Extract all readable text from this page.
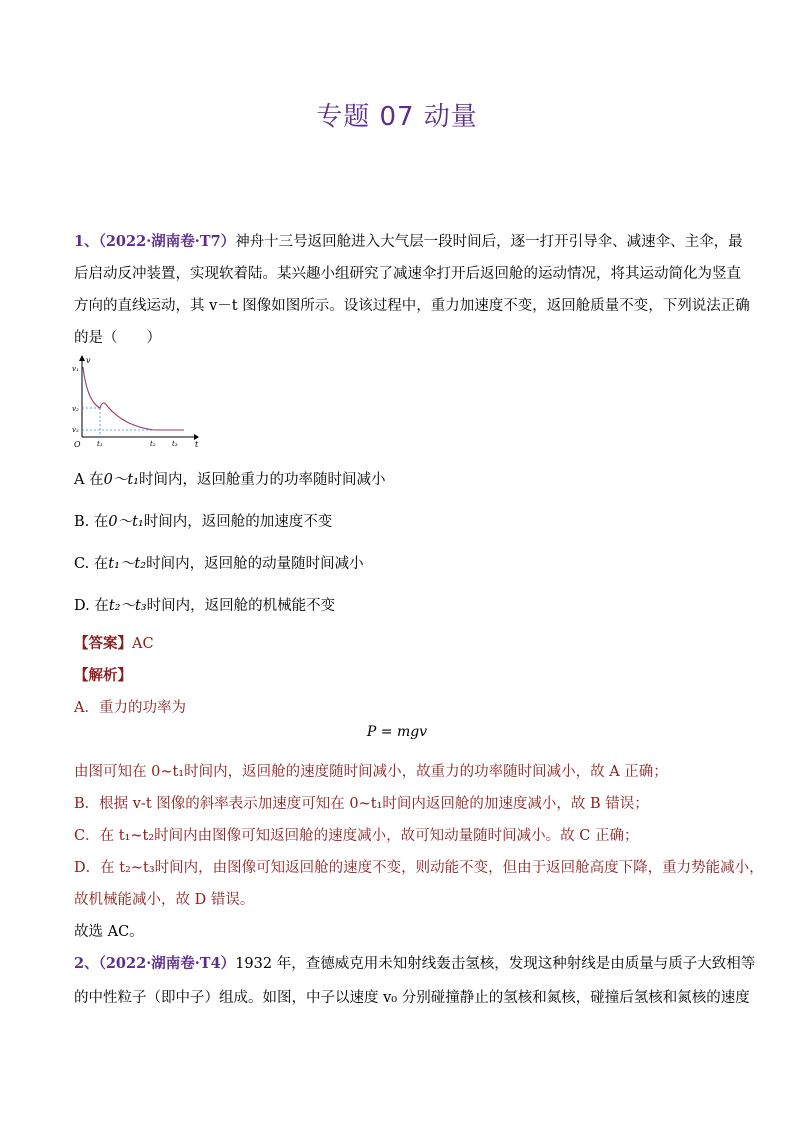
专题 07 动量
1、（2022·湖南卷·T7）神舟十三号返回舱进入大气层一段时间后，逐一打开引导伞、减速伞、主伞，最
后启动反冲装置，实现软着陆。某兴趣小组研究了减速伞打开后返回舱的运动情况，将其运动简化为竖直
方向的直线运动，其 v－t 图像如图所示。设该过程中，重力加速度不变，返回舱质量不变，下列说法正确
的是（　　）
v
t
O
v₁
v₂
v₃
t₁	t₂ t₃
A 在0～t₁时间内，返回舱重力的功率随时间减小
B. 在0～t₁时间内，返回舱的加速度不变
C. 在t₁～t₂时间内，返回舱的动量随时间减小
D. 在t₂～t₃时间内，返回舱的机械能不变
【答案】AC
【解析】
A．重力的功率为
P = mgv
由图可知在 0~t₁时间内，返回舱的速度随时间减小，故重力的功率随时间减小，故 A 正确；
B．根据 v-t 图像的斜率表示加速度可知在 0~t₁时间内返回舱的加速度减小，故 B 错误；
C．在 t₁~t₂时间内由图像可知返回舱的速度减小，故可知动量随时间减小。故 C 正确；
D．在 t₂~t₃时间内，由图像可知返回舱的速度不变，则动能不变，但由于返回舱高度下降，重力势能减小，
故机械能减小，故 D 错误。
故选 AC。
2、（2022·湖南卷·T4）1932 年，查德威克用未知射线轰击氢核，发现这种射线是由质量与质子大致相等
的中性粒子（即中子）组成。如图，中子以速度 v₀ 分别碰撞静止的氢核和氮核，碰撞后氢核和氮核的速度
